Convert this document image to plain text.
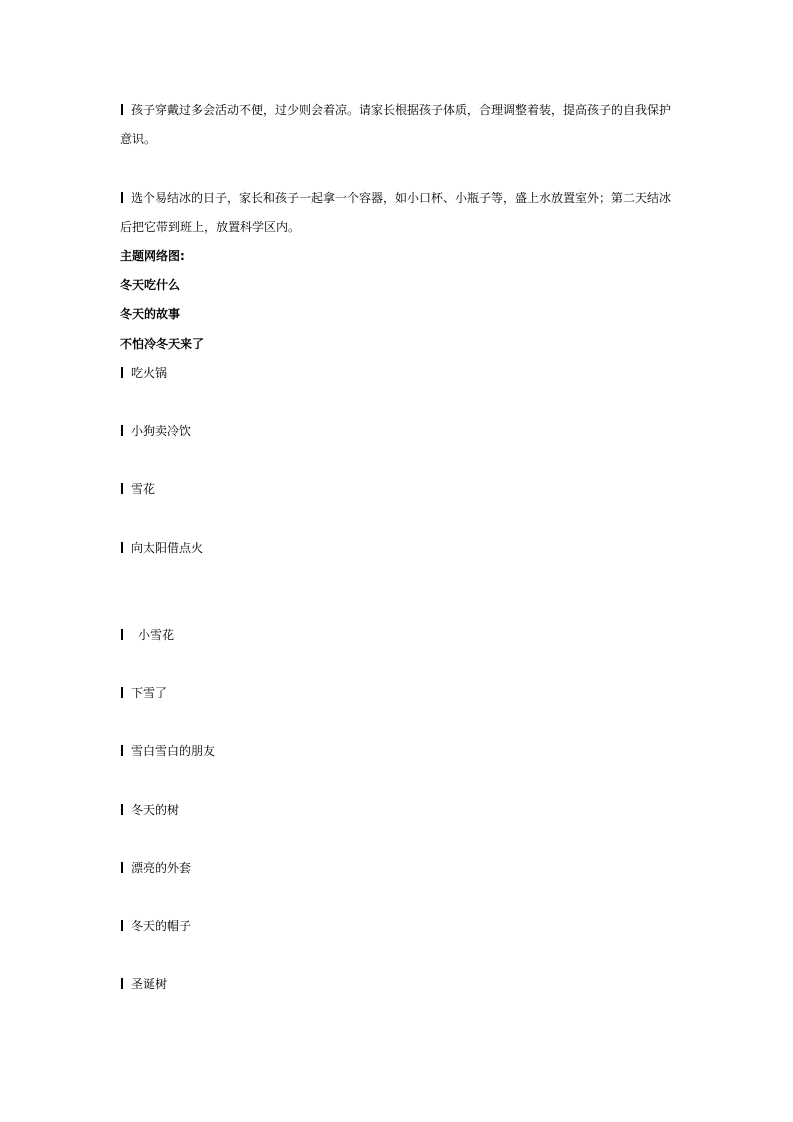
孩子穿戴过多会活动不便，过少则会着凉。请家长根据孩子体质，合理调整着装，提高孩子的自我保护意识。

选个易结冰的日子，家长和孩子一起拿一个容器，如小口杯、小瓶子等，盛上水放置室外；第二天结冰后把它带到班上，放置科学区内。

主题网络图:

冬天吃什么

冬天的故事

不怕冷冬天来了

吃火锅

小狗卖冷饮

雪花

向太阳借点火

小雪花

下雪了

雪白雪白的朋友

冬天的树

漂亮的外套

冬天的帽子

圣诞树
